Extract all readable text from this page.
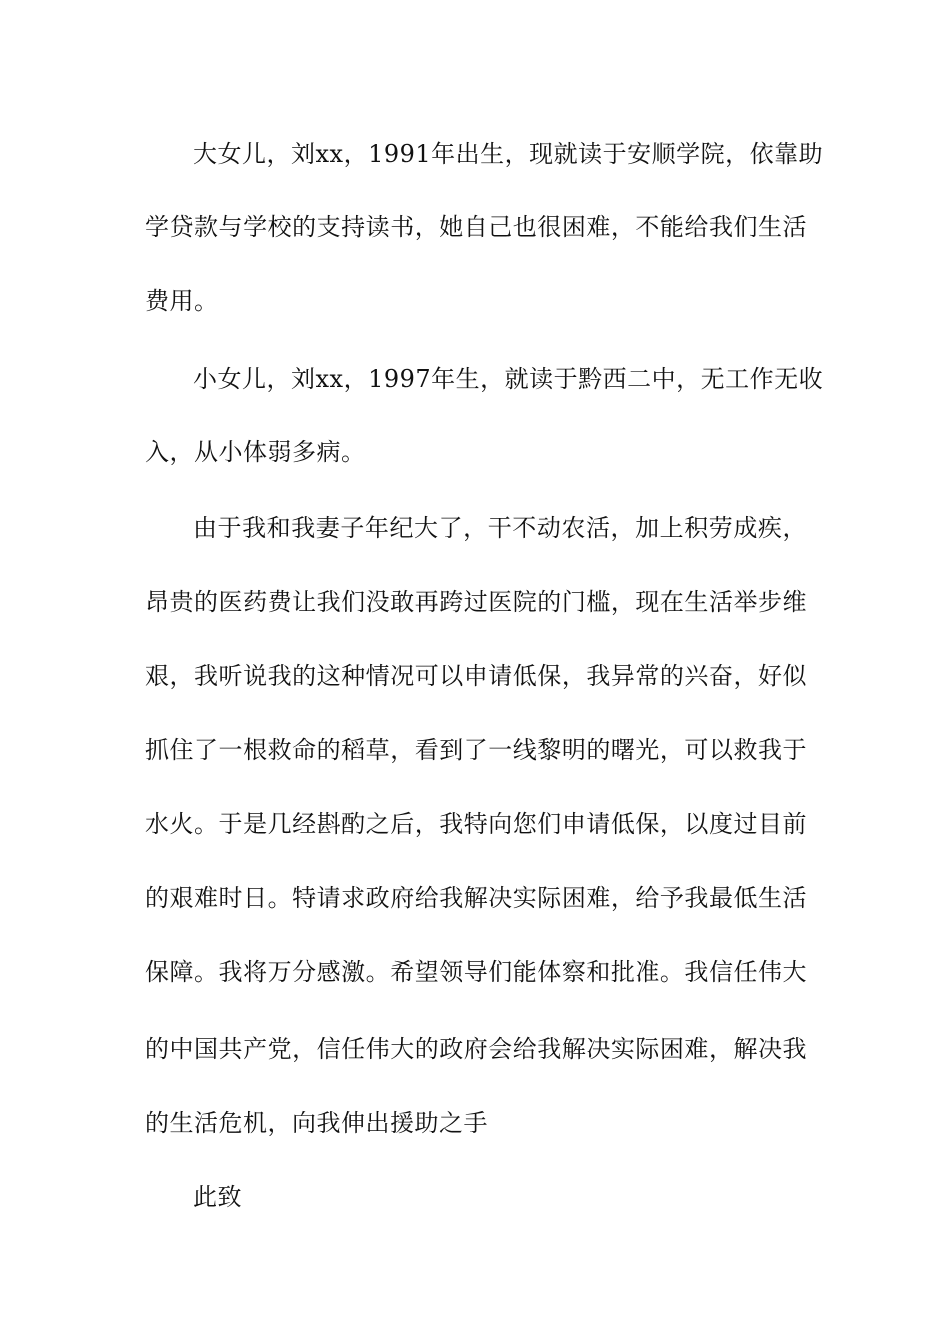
大女儿，刘xx，1991年出生，现就读于安顺学院，依靠助
学贷款与学校的支持读书，她自己也很困难，不能给我们生活
费用。
小女儿，刘xx，1997年生，就读于黔西二中，无工作无收
入，从小体弱多病。
由于我和我妻子年纪大了，干不动农活，加上积劳成疾，
昂贵的医药费让我们没敢再跨过医院的门槛，现在生活举步维
艰，我听说我的这种情况可以申请低保，我异常的兴奋，好似
抓住了一根救命的稻草，看到了一线黎明的曙光，可以救我于
水火。于是几经斟酌之后，我特向您们申请低保，以度过目前
的艰难时日。特请求政府给我解决实际困难，给予我最低生活
保障。我将万分感激。希望领导们能体察和批准。我信任伟大
的中国共产党，信任伟大的政府会给我解决实际困难，解决我
的生活危机，向我伸出援助之手
此致
